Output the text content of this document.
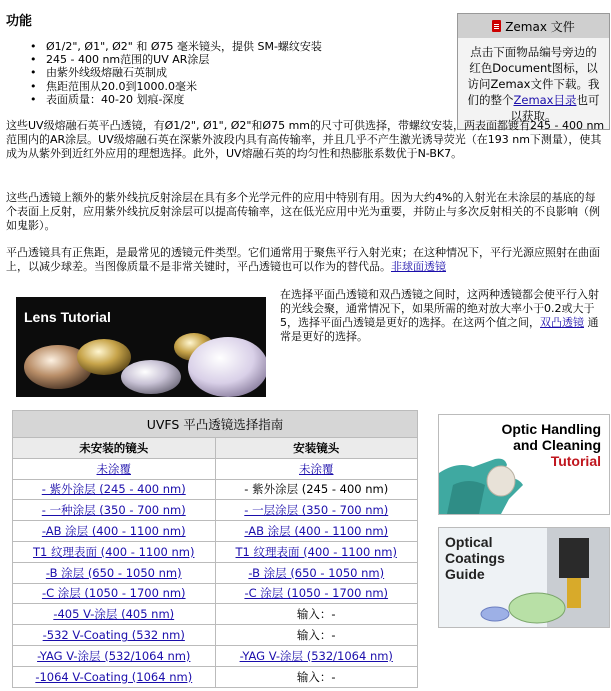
功能
• Ø1/2", Ø1", Ø2" 和 Ø75 毫米镜头，提供 SM-螺纹安装
• 245 - 400 nm范围的UV AR涂层
• 由紫外线级熔融石英制成
• 焦距范围从20.0到1000.0毫米
• 表面质量：40-20 划痕-深度
Zemax 文件
点击下面物品编号旁边的红色Document图标，以访问Zemax文件下载。我们的整个Zemax目录也可以获取。
这些UV级熔融石英平凸透镜，有Ø1/2", Ø1", Ø2"和Ø75 mm的尺寸可供选择，带螺纹安装，两表面都镀有245 - 400 nm范围内的AR涂层。UV级熔融石英在深紫外波段内具有高传输率，并且几乎不产生激光诱导荧光（在193 nm下测量），使其成为从紫外到近红外应用的理想选择。此外，UV熔融石英的均匀性和热膨胀系数优于N-BK7。
这些凸透镜上额外的紫外线抗反射涂层在具有多个光学元件的应用中特别有用。因为大约4%的入射光在未涂层的基底的每个表面上反射，应用紫外线抗反射涂层可以提高传输率，这在低光应用中光为重要，并防止与多次反射相关的不良影响（例如鬼影）。
平凸透镜具有正焦距，是最常见的透镜元件类型。它们通常用于聚焦平行入射光束；在这种情况下，平行光源应照射在曲面上，以减少球差。当图像质量不是非常关键时，平凸透镜也可以作为的替代品。非球面透镜
Lens Tutorial
在选择平面凸透镜和双凸透镜之间时，这两种透镜都会使平行入射的光线会聚，通常情况下，如果所需的绝对放大率小于0.2或大于5，选择平面凸透镜是更好的选择。在这两个值之间，双凸透镜 通常是更好的选择。
UVFS 平凸透镜选择指南	
未安装的镜头	安装镜头
未涂覆	未涂覆
- 紫外涂层 (245 - 400 nm)	- 紫外涂层 (245 - 400 nm)
- 一种涂层 (350 - 700 nm)	- 一层涂层 (350 - 700 nm)
-AB 涂层 (400 - 1100 nm)	-AB 涂层 (400 - 1100 nm)
T1 纹理表面 (400 - 1100 nm)	T1 纹理表面 (400 - 1100 nm)
-B 涂层 (650 - 1050 nm)	-B 涂层 (650 - 1050 nm)
-C 涂层 (1050 - 1700 nm)	-C 涂层 (1050 - 1700 nm)
-405 V-涂层 (405 nm)	输入：-
-532 V-Coating (532 nm)	输入：-
-YAG V-涂层 (532/1064 nm)	-YAG V-涂层 (532/1064 nm)
-1064 V-Coating (1064 nm)	输入：-
Optic Handling
and Cleaning
Tutorial
Optical
Coatings
Guide
